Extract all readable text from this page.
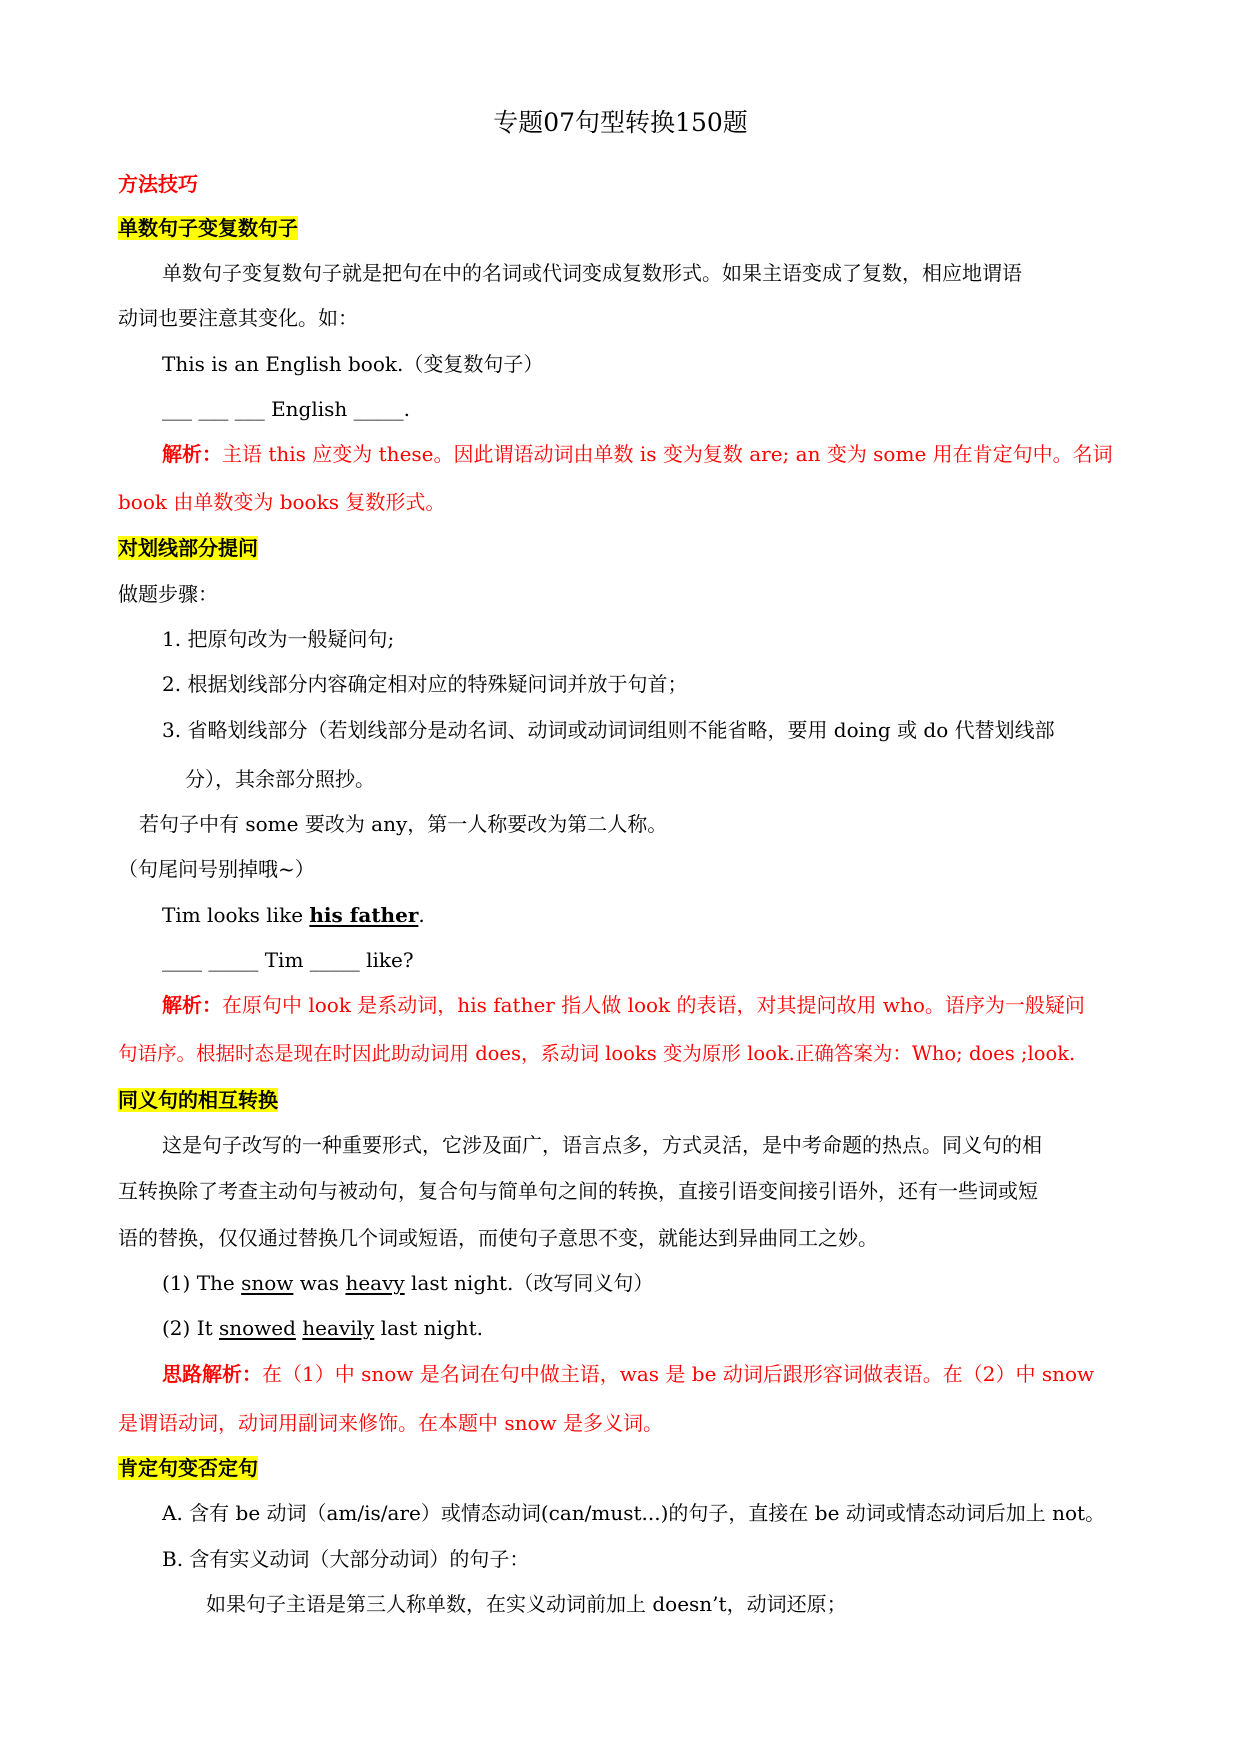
专题07句型转换150题
方法技巧
单数句子变复数句子
单数句子变复数句子就是把句在中的名词或代词变成复数形式。如果主语变成了复数，相应地谓语
动词也要注意其变化。如：
This is an English book.（变复数句子）
___ ___ ___ English _____.
解析：主语 this 应变为 these。因此谓语动词由单数 is 变为复数 are; an 变为 some 用在肯定句中。名词
book 由单数变为 books 复数形式。
对划线部分提问
做题步骤：
1. 把原句改为一般疑问句;
2. 根据划线部分内容确定相对应的特殊疑问词并放于句首；
3. 省略划线部分（若划线部分是动名词、动词或动词词组则不能省略，要用 doing 或 do 代替划线部
分），其余部分照抄。
若句子中有 some 要改为 any，第一人称要改为第二人称。
（句尾问号别掉哦~）
Tim looks like his father.
____ _____ Tim _____ like?
解析：在原句中 look 是系动词，his father 指人做 look 的表语，对其提问故用 who。语序为一般疑问
句语序。根据时态是现在时因此助动词用 does，系动词 looks 变为原形 look.正确答案为：Who; does ;look.
同义句的相互转换
这是句子改写的一种重要形式，它涉及面广，语言点多，方式灵活，是中考命题的热点。同义句的相
互转换除了考查主动句与被动句，复合句与简单句之间的转换，直接引语变间接引语外，还有一些词或短
语的替换，仅仅通过替换几个词或短语，而使句子意思不变，就能达到异曲同工之妙。
(1) The snow was heavy last night.（改写同义句）
(2) It snowed heavily last night.
思路解析：在（1）中 snow 是名词在句中做主语，was 是 be 动词后跟形容词做表语。在（2）中 snow
是谓语动词，动词用副词来修饰。在本题中 snow 是多义词。
肯定句变否定句
A. 含有 be 动词（am/is/are）或情态动词(can/must...)的句子，直接在 be 动词或情态动词后加上 not。
B. 含有实义动词（大部分动词）的句子：
如果句子主语是第三人称单数，在实义动词前加上 doesn’t，动词还原；
